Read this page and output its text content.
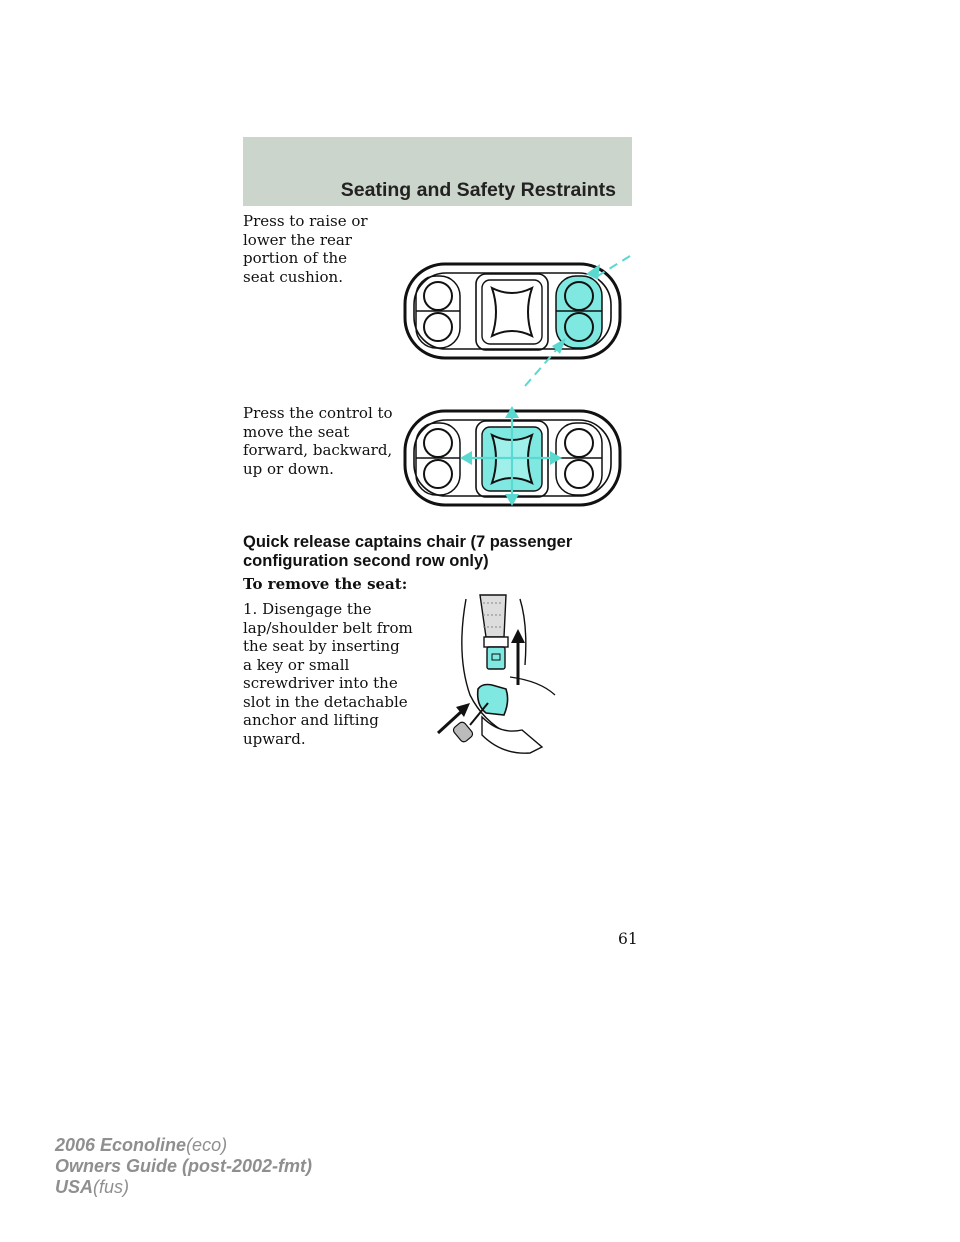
Seating and Safety Restraints

Press to raise or lower the rear portion of the seat cushion.

Press the control to move the seat forward, backward, up or down.

Quick release captains chair (7 passenger configuration second row only)

To remove the seat:

1. Disengage the lap/shoulder belt from the seat by inserting a key or small screwdriver into the slot in the detachable anchor and lifting upward.

61

2006 Econoline(eco)
Owners Guide (post-2002-fmt)
USA(fus)
